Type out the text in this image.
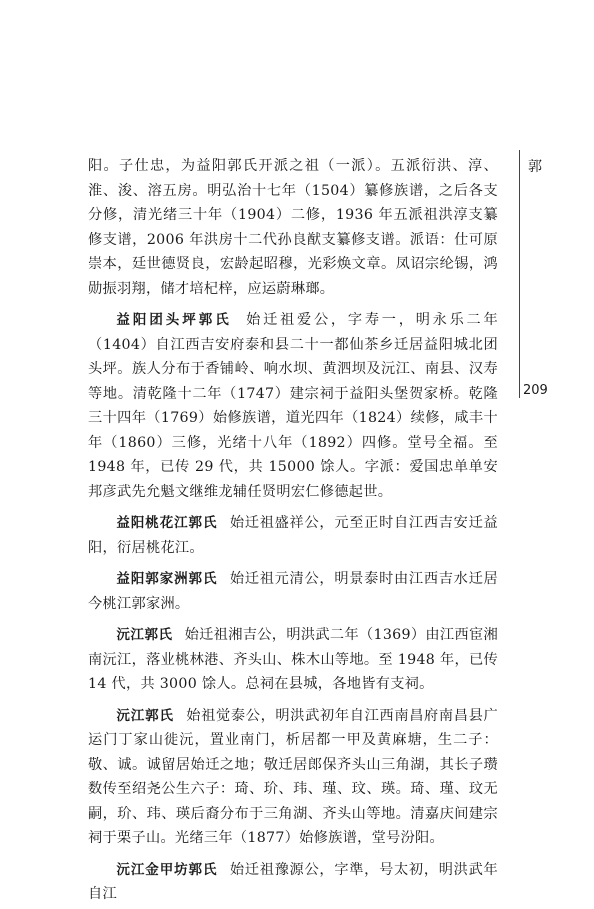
阳。子仕忠，为益阳郭氏开派之祖（一派）。五派衍洪、淳、淮、浚、溶五房。明弘治十七年（1504）纂修族谱，之后各支分修，清光绪三十年（1904）二修，1936 年五派祖洪淳支纂修支谱，2006 年洪房十二代孙良猷支纂修支谱。派语：仕可原崇本，廷世德贤良，宏龄起昭穆，光彩焕文章。凤诏宗纶锡，鸿勋振羽翔，储才培杞梓，应运蔚琳瑯。

益阳团头坪郭氏 始迁祖爱公，字寿一，明永乐二年（1404）自江西吉安府泰和县二十一都仙茶乡迁居益阳城北团头坪。族人分布于香铺岭、响水坝、黄泗坝及沅江、南县、汉寿等地。清乾隆十二年（1747）建宗祠于益阳头堡贺家桥。乾隆三十四年（1769）始修族谱，道光四年（1824）续修，咸丰十年（1860）三修，光绪十八年（1892）四修。堂号全福。至 1948 年，已传 29 代，共 15000 馀人。字派：爱国忠单单安邦彦武先允魁文继维龙辅任贤明宏仁修德起世。

益阳桃花江郭氏 始迁祖盛祥公，元至正时自江西吉安迁益阳，衍居桃花江。

益阳郭家洲郭氏 始迁祖元清公，明景泰时由江西吉水迁居今桃江郭家洲。

沅江郭氏 始迁祖湘吉公，明洪武二年（1369）由江西宦湘南沅江，落业桃林港、齐头山、株木山等地。至 1948 年，已传 14 代，共 3000 馀人。总祠在县城，各地皆有支祠。

沅江郭氏 始祖觉泰公，明洪武初年自江西南昌府南昌县广运门丁家山徙沅，置业南门，析居都一甲及黄麻塘，生二子：敬、诚。诚留居始迁之地；敬迁居郎保齐头山三角湖，其长子瓒数传至绍尧公生六子：琦、玠、玮、瑾、玟、瑛。琦、瑾、玟无嗣，玠、玮、瑛后裔分布于三角湖、齐头山等地。清嘉庆间建宗祠于栗子山。光绪三年（1877）始修族谱，堂号汾阳。

沅江金甲坊郭氏 始迁祖豫源公，字準，号太初，明洪武年自江

郭
209
